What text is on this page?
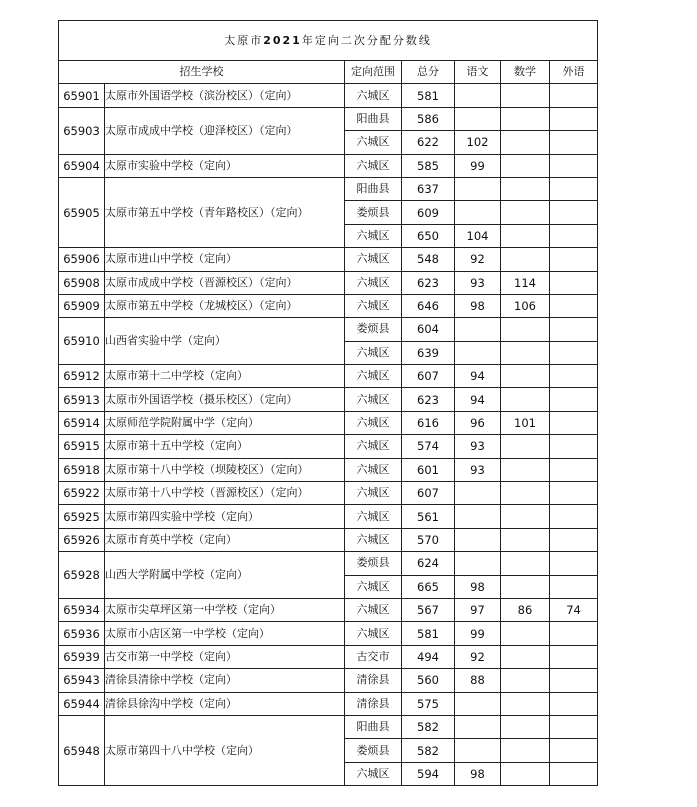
太原市2021年定向二次分配分数线						
招生学校		定向范围	总分	语文	数学	外语
65901	太原市外国语学校（滨汾校区）（定向）	六城区	581			
65903	太原市成成中学校（迎泽校区）（定向）	阳曲县	586			
		六城区	622	102		
65904	太原市实验中学校（定向）	六城区	585	99		
65905	太原市第五中学校（青年路校区）（定向）	阳曲县	637			
		娄烦县	609			
		六城区	650	104		
65906	太原市进山中学校（定向）	六城区	548	92		
65908	太原市成成中学校（晋源校区）（定向）	六城区	623	93	114	
65909	太原市第五中学校（龙城校区）（定向）	六城区	646	98	106	
65910	山西省实验中学（定向）	娄烦县	604			
		六城区	639			
65912	太原市第十二中学校（定向）	六城区	607	94		
65913	太原市外国语学校（摄乐校区）（定向）	六城区	623	94		
65914	太原师范学院附属中学（定向）	六城区	616	96	101	
65915	太原市第十五中学校（定向）	六城区	574	93		
65918	太原市第十八中学校（坝陵校区）（定向）	六城区	601	93		
65922	太原市第十八中学校（晋源校区）（定向）	六城区	607			
65925	太原市第四实验中学校（定向）	六城区	561			
65926	太原市育英中学校（定向）	六城区	570			
65928	山西大学附属中学校（定向）	娄烦县	624			
		六城区	665	98		
65934	太原市尖草坪区第一中学校（定向）	六城区	567	97	86	74
65936	太原市小店区第一中学校（定向）	六城区	581	99		
65939	古交市第一中学校（定向）	古交市	494	92		
65943	清徐县清徐中学校（定向）	清徐县	560	88		
65944	清徐县徐沟中学校（定向）	清徐县	575			
65948	太原市第四十八中学校（定向）	阳曲县	582			
		娄烦县	582			
		六城区	594	98		
